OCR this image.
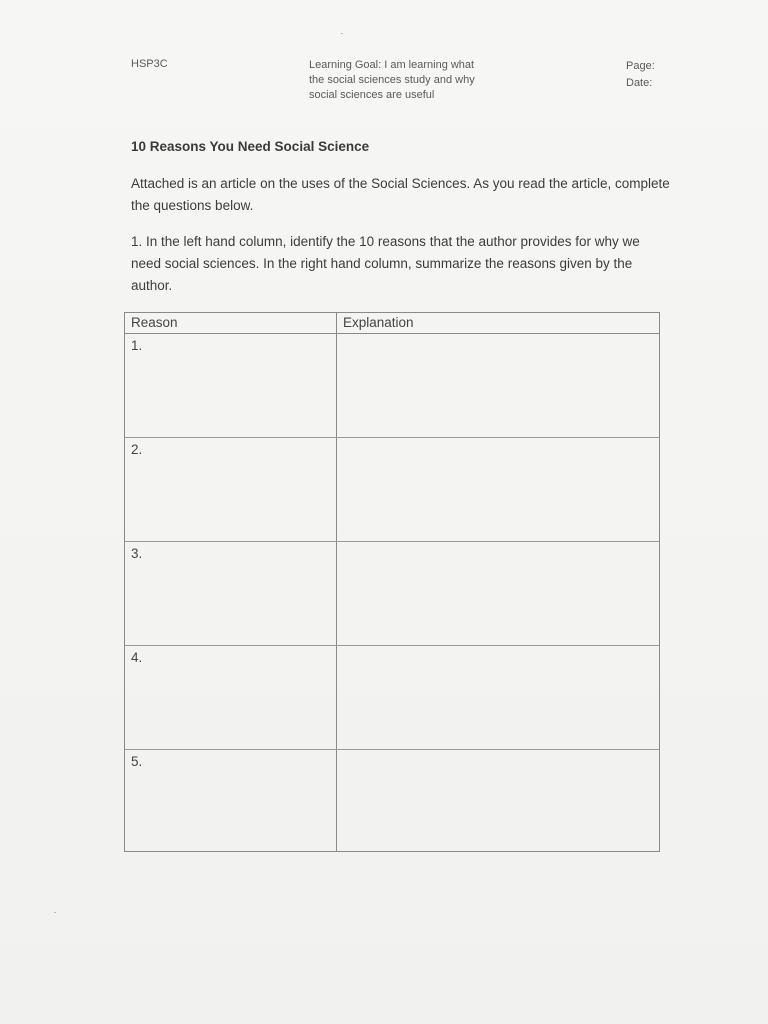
HSP3C	Learning Goal: I am learning what the social sciences study and why social sciences are useful
Page:
Date:
10 Reasons You Need Social Science
Attached is an article on the uses of the Social Sciences. As you read the article, complete the questions below.
1. In the left hand column, identify the 10 reasons that the author provides for why we need social sciences. In the right hand column, summarize the reasons given by the author.
Reason	Explanation
1.
2.
3.
4.
5.
